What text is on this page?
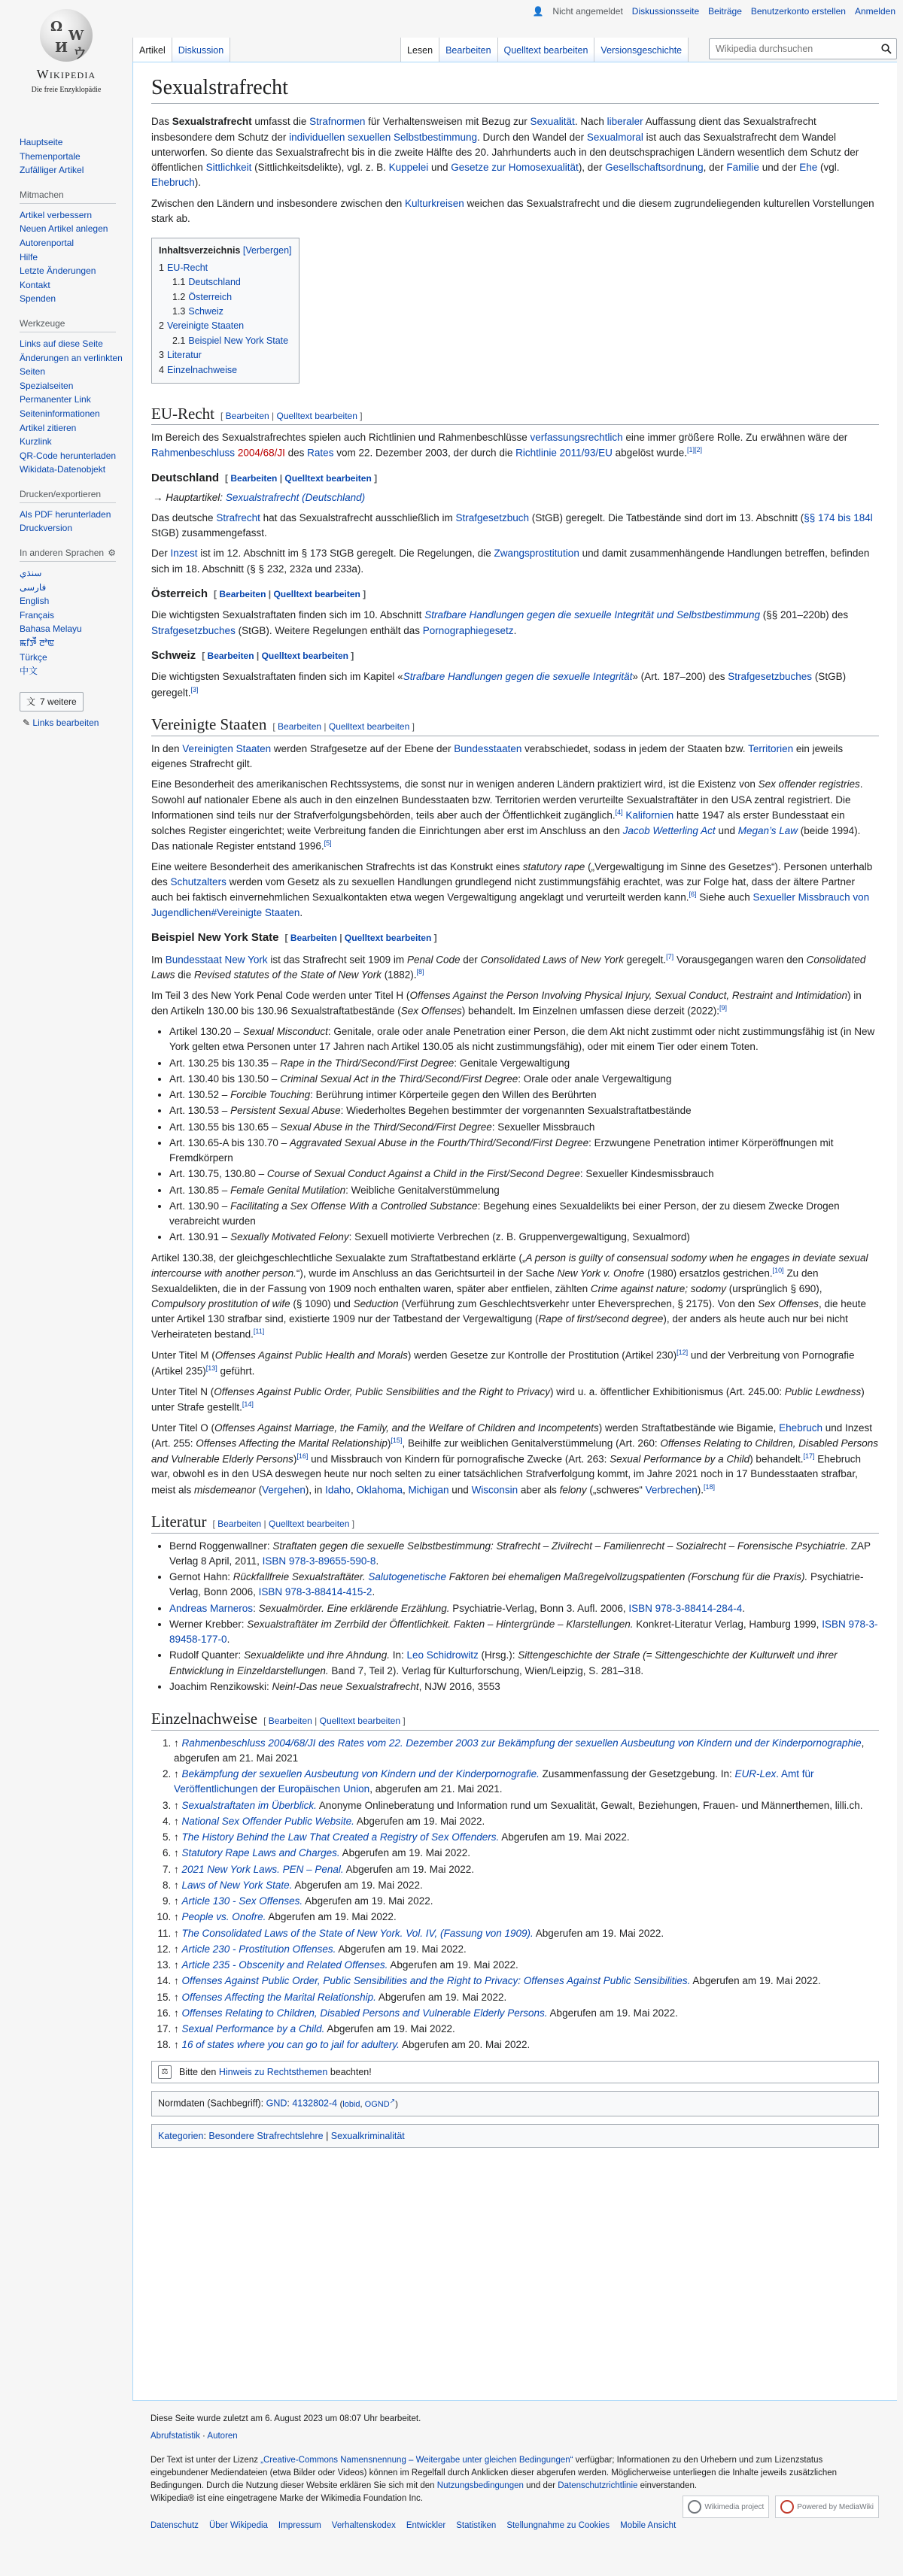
👤 Nicht angemeldet Diskussionsseite Beiträge Benutzerkonto erstellen Anmelden
Ω
W
И ウ
Wikipedia
Die freie Enzyklopädie
Artikel Diskussion	Lesen Bearbeiten Quelltext bearbeiten Versionsgeschichte
Wikipedia durchsuchen
Hauptseite
Themenportale
Zufälliger Artikel
Mitmachen
Artikel verbessern
Neuen Artikel anlegen
Autorenportal
Hilfe
Letzte Änderungen
Kontakt
Spenden
Werkzeuge
Links auf diese Seite
Änderungen an verlinkten Seiten
Spezialseiten
Permanenter Link
Seiteninformationen
Artikel zitieren
Kurzlink
QR-Code herunterladen
Wikidata-Datenobjekt
Drucken/exportieren
Als PDF herunterladen
Druckversion
In anderen Sprachen ⚙
سنڌي
فارسی
English
Français
Bahasa Melayu
ꯃꯤꯇꯩ ꯂꯣꯟ
Türkçe
中文
文 7 weitere
✎ Links bearbeiten
Sexualstrafrecht

Das Sexualstrafrecht umfasst die Strafnormen für Verhaltensweisen mit Bezug zur Sexualität. Nach liberaler Auffassung dient das Sexualstrafrecht insbesondere dem Schutz der individuellen sexuellen Selbstbestimmung. Durch den Wandel der Sexualmoral ist auch das Sexualstrafrecht dem Wandel unterworfen. So diente das Sexualstrafrecht bis in die zweite Hälfte des 20. Jahrhunderts auch in den deutschsprachigen Ländern wesentlich dem Schutz der öffentlichen Sittlichkeit (Sittlichkeitsdelikte), vgl. z. B. Kuppelei und Gesetze zur Homosexualität), der Gesellschaftsordnung, der Familie und der Ehe (vgl. Ehebruch).

Zwischen den Ländern und insbesondere zwischen den Kulturkreisen weichen das Sexualstrafrecht und die diesem zugrundeliegenden kulturellen Vorstellungen stark ab.

Inhaltsverzeichnis [Verbergen]
1 EU-Recht
1.1 Deutschland
1.2 Österreich
1.3 Schweiz
2 Vereinigte Staaten
2.1 Beispiel New York State
3 Literatur
4 Einzelnachweise
EU-Recht [ Bearbeiten | Quelltext bearbeiten ]

Im Bereich des Sexualstrafrechtes spielen auch Richtlinien und Rahmenbeschlüsse verfassungsrechtlich eine immer größere Rolle. Zu erwähnen wäre der Rahmenbeschluss 2004/68/JI des Rates vom 22. Dezember 2003, der durch die Richtlinie 2011/93/EU abgelöst wurde.[1][2]

Deutschland [ Bearbeiten | Quelltext bearbeiten ]
→ Hauptartikel: Sexualstrafrecht (Deutschland)

Das deutsche Strafrecht hat das Sexualstrafrecht ausschließlich im Strafgesetzbuch (StGB) geregelt. Die Tatbestände sind dort im 13. Abschnitt (§§ 174 bis 184l StGB) zusammengefasst.

Der Inzest ist im 12. Abschnitt im § 173 StGB geregelt. Die Regelungen, die Zwangsprostitution und damit zusammenhängende Handlungen betreffen, befinden sich im 18. Abschnitt (§ § 232, 232a und 233a).

Österreich [ Bearbeiten | Quelltext bearbeiten ]

Die wichtigsten Sexualstraftaten finden sich im 10. Abschnitt Strafbare Handlungen gegen die sexuelle Integrität und Selbstbestimmung (§§ 201–220b) des Strafgesetzbuches (StGB). Weitere Regelungen enthält das Pornographiegesetz.

Schweiz [ Bearbeiten | Quelltext bearbeiten ]

Die wichtigsten Sexualstraftaten finden sich im Kapitel «Strafbare Handlungen gegen die sexuelle Integrität» (Art. 187–200) des Strafgesetzbuches (StGB) geregelt.[3]

Vereinigte Staaten [ Bearbeiten | Quelltext bearbeiten ]

In den Vereinigten Staaten werden Strafgesetze auf der Ebene der Bundesstaaten verabschiedet, sodass in jedem der Staaten bzw. Territorien ein jeweils eigenes Strafrecht gilt.

Eine Besonderheit des amerikanischen Rechtssystems, die sonst nur in wenigen anderen Ländern praktiziert wird, ist die Existenz von Sex offender registries. Sowohl auf nationaler Ebene als auch in den einzelnen Bundesstaaten bzw. Territorien werden verurteilte Sexualstraftäter in den USA zentral registriert. Die Informationen sind teils nur der Strafverfolgungsbehörden, teils aber auch der Öffentlichkeit zugänglich.[4] Kalifornien hatte 1947 als erster Bundesstaat ein solches Register eingerichtet; weite Verbreitung fanden die Einrichtungen aber erst im Anschluss an den Jacob Wetterling Act und Megan’s Law (beide 1994). Das nationale Register entstand 1996.[5]

Eine weitere Besonderheit des amerikanischen Strafrechts ist das Konstrukt eines statutory rape („Vergewaltigung im Sinne des Gesetzes“). Personen unterhalb des Schutzalters werden vom Gesetz als zu sexuellen Handlungen grundlegend nicht zustimmungsfähig erachtet, was zur Folge hat, dass der ältere Partner auch bei faktisch einvernehmlichen Sexualkontakten etwa wegen Vergewaltigung angeklagt und verurteilt werden kann.[6] Siehe auch Sexueller Missbrauch von Jugendlichen#Vereinigte Staaten.

Beispiel New York State [ Bearbeiten | Quelltext bearbeiten ]

Im Bundesstaat New York ist das Strafrecht seit 1909 im Penal Code der Consolidated Laws of New York geregelt.[7] Vorausgegangen waren den Consolidated Laws die Revised statutes of the State of New York (1882).[8]

Im Teil 3 des New York Penal Code werden unter Titel H (Offenses Against the Person Involving Physical Injury, Sexual Conduct, Restraint and Intimidation) in den Artikeln 130.00 bis 130.96 Sexualstraftatbestände (Sex Offenses) behandelt. Im Einzelnen umfassen diese derzeit (2022):[9]

• Artikel 130.20 – Sexual Misconduct: Genitale, orale oder anale Penetration einer Person, die dem Akt nicht zustimmt oder nicht zustimmungsfähig ist (in New York gelten etwa Personen unter 17 Jahren nach Artikel 130.05 als nicht zustimmungsfähig), oder mit einem Tier oder einem Toten.
• Art. 130.25 bis 130.35 – Rape in the Third/Second/First Degree: Genitale Vergewaltigung
• Art. 130.40 bis 130.50 – Criminal Sexual Act in the Third/Second/First Degree: Orale oder anale Vergewaltigung
• Art. 130.52 – Forcible Touching: Berührung intimer Körperteile gegen den Willen des Berührten
• Art. 130.53 – Persistent Sexual Abuse: Wiederholtes Begehen bestimmter der vorgenannten Sexualstraftatbestände
• Art. 130.55 bis 130.65 – Sexual Abuse in the Third/Second/First Degree: Sexueller Missbrauch
• Art. 130.65-A bis 130.70 – Aggravated Sexual Abuse in the Fourth/Third/Second/First Degree: Erzwungene Penetration intimer Körperöffnungen mit Fremdkörpern
• Art. 130.75, 130.80 – Course of Sexual Conduct Against a Child in the First/Second Degree: Sexueller Kindesmissbrauch
• Art. 130.85 – Female Genital Mutilation: Weibliche Genitalverstümmelung
• Art. 130.90 – Facilitating a Sex Offense With a Controlled Substance: Begehung eines Sexualdelikts bei einer Person, der zu diesem Zwecke Drogen verabreicht wurden
• Art. 130.91 – Sexually Motivated Felony: Sexuell motivierte Verbrechen (z. B. Gruppenvergewaltigung, Sexualmord)

Artikel 130.38, der gleichgeschlechtliche Sexualakte zum Straftatbestand erklärte („A person is guilty of consensual sodomy when he engages in deviate sexual intercourse with another person.“), wurde im Anschluss an das Gerichtsurteil in der Sache New York v. Onofre (1980) ersatzlos gestrichen.[10] Zu den Sexualdelikten, die in der Fassung von 1909 noch enthalten waren, später aber entfielen, zählten Crime against nature; sodomy (ursprünglich § 690), Compulsory prostitution of wife (§ 1090) und Seduction (Verführung zum Geschlechtsverkehr unter Eheversprechen, § 2175). Von den Sex Offenses, die heute unter Artikel 130 strafbar sind, existierte 1909 nur der Tatbestand der Vergewaltigung (Rape of first/second degree), der anders als heute auch nur bei nicht Verheirateten bestand.[11]

Unter Titel M (Offenses Against Public Health and Morals) werden Gesetze zur Kontrolle der Prostitution (Artikel 230)[12] und der Verbreitung von Pornografie (Artikel 235)[13] geführt.

Unter Titel N (Offenses Against Public Order, Public Sensibilities and the Right to Privacy) wird u. a. öffentlicher Exhibitionismus (Art. 245.00: Public Lewdness) unter Strafe gestellt.[14]

Unter Titel O (Offenses Against Marriage, the Family, and the Welfare of Children and Incompetents) werden Straftatbestände wie Bigamie, Ehebruch und Inzest (Art. 255: Offenses Affecting the Marital Relationship)[15], Beihilfe zur weiblichen Genitalverstümmelung (Art. 260: Offenses Relating to Children, Disabled Persons and Vulnerable Elderly Persons)[16] und Missbrauch von Kindern für pornografische Zwecke (Art. 263: Sexual Performance by a Child) behandelt.[17] Ehebruch war, obwohl es in den USA deswegen heute nur noch selten zu einer tatsächlichen Strafverfolgung kommt, im Jahre 2021 noch in 17 Bundesstaaten strafbar, meist als misdemeanor (Vergehen), in Idaho, Oklahoma, Michigan und Wisconsin aber als felony („schweres“ Verbrechen).[18]

Literatur [ Bearbeiten | Quelltext bearbeiten ]
• Bernd Roggenwallner: Straftaten gegen die sexuelle Selbstbestimmung: Strafrecht – Zivilrecht – Familienrecht – Sozialrecht – Forensische Psychiatrie. ZAP Verlag 8 April, 2011, ISBN 978-3-89655-590-8.
• Gernot Hahn: Rückfallfreie Sexualstraftäter. Salutogenetische Faktoren bei ehemaligen Maßregelvollzugspatienten (Forschung für die Praxis). Psychiatrie-Verlag, Bonn 2006, ISBN 978-3-88414-415-2.
• Andreas Marneros: Sexualmörder. Eine erklärende Erzählung. Psychiatrie-Verlag, Bonn 3. Aufl. 2006, ISBN 978-3-88414-284-4.
• Werner Krebber: Sexualstraftäter im Zerrbild der Öffentlichkeit. Fakten – Hintergründe – Klarstellungen. Konkret-Literatur Verlag, Hamburg 1999, ISBN 978-3-89458-177-0.
• Rudolf Quanter: Sexualdelikte und ihre Ahndung. In: Leo Schidrowitz (Hrsg.): Sittengeschichte der Strafe (= Sittengeschichte der Kulturwelt und ihrer Entwicklung in Einzeldarstellungen. Band 7, Teil 2). Verlag für Kulturforschung, Wien/Leipzig, S. 281–318.
• Joachim Renzikowski: Nein!-Das neue Sexualstrafrecht, NJW 2016, 3553
Einzelnachweise [ Bearbeiten | Quelltext bearbeiten ]
1. ↑ Rahmenbeschluss 2004/68/JI des Rates vom 22. Dezember 2003 zur Bekämpfung der sexuellen Ausbeutung von Kindern und der Kinderpornographie, abgerufen am 21. Mai 2021
2. ↑ Bekämpfung der sexuellen Ausbeutung von Kindern und der Kinderpornografie. Zusammenfassung der Gesetzgebung. In: EUR-Lex. Amt für Veröffentlichungen der Europäischen Union, abgerufen am 21. Mai 2021.
3. ↑ Sexualstraftaten im Überblick. Anonyme Onlineberatung und Information rund um Sexualität, Gewalt, Beziehungen, Frauen- und Männerthemen, lilli.ch.
4. ↑ National Sex Offender Public Website. Abgerufen am 19. Mai 2022.
5. ↑ The History Behind the Law That Created a Registry of Sex Offenders. Abgerufen am 19. Mai 2022.
6. ↑ Statutory Rape Laws and Charges. Abgerufen am 19. Mai 2022.
7. ↑ 2021 New York Laws. PEN – Penal. Abgerufen am 19. Mai 2022.
8. ↑ Laws of New York State. Abgerufen am 19. Mai 2022.
9. ↑ Article 130 - Sex Offenses. Abgerufen am 19. Mai 2022.
10. ↑ People vs. Onofre. Abgerufen am 19. Mai 2022.
11. ↑ The Consolidated Laws of the State of New York. Vol. IV, (Fassung von 1909). Abgerufen am 19. Mai 2022.
12. ↑ Article 230 - Prostitution Offenses. Abgerufen am 19. Mai 2022.
13. ↑ Article 235 - Obscenity and Related Offenses. Abgerufen am 19. Mai 2022.
14. ↑ Offenses Against Public Order, Public Sensibilities and the Right to Privacy: Offenses Against Public Sensibilities. Abgerufen am 19. Mai 2022.
15. ↑ Offenses Affecting the Marital Relationship. Abgerufen am 19. Mai 2022.
16. ↑ Offenses Relating to Children, Disabled Persons and Vulnerable Elderly Persons. Abgerufen am 19. Mai 2022.
17. ↑ Sexual Performance by a Child. Abgerufen am 19. Mai 2022.
18. ↑ 16 of states where you can go to jail for adultery. Abgerufen am 20. Mai 2022.
⚖	Bitte den Hinweis zu Rechtsthemen beachten!
Normdaten (Sachbegriff): GND: 4132802-4 (lobid, OGND↗)
Kategorien: Besondere Strafrechtslehre | Sexualkriminalität

Diese Seite wurde zuletzt am 6. August 2023 um 08:07 Uhr bearbeitet.

Abrufstatistik · Autoren

Der Text ist unter der Lizenz „Creative-Commons Namensnennung – Weitergabe unter gleichen Bedingungen“ verfügbar; Informationen zu den Urhebern und zum Lizenzstatus eingebundener Mediendateien (etwa Bilder oder Videos) können im Regelfall durch Anklicken dieser abgerufen werden. Möglicherweise unterliegen die Inhalte jeweils zusätzlichen Bedingungen. Durch die Nutzung dieser Website erklären Sie sich mit den Nutzungsbedingungen und der Datenschutzrichtlinie einverstanden.
Wikipedia® ist eine eingetragene Marke der Wikimedia Foundation Inc.

Datenschutz Über Wikipedia Impressum Verhaltenskodex Entwickler Statistiken Stellungnahme zu Cookies Mobile Ansicht
Wikimedia project	Powered by MediaWiki
